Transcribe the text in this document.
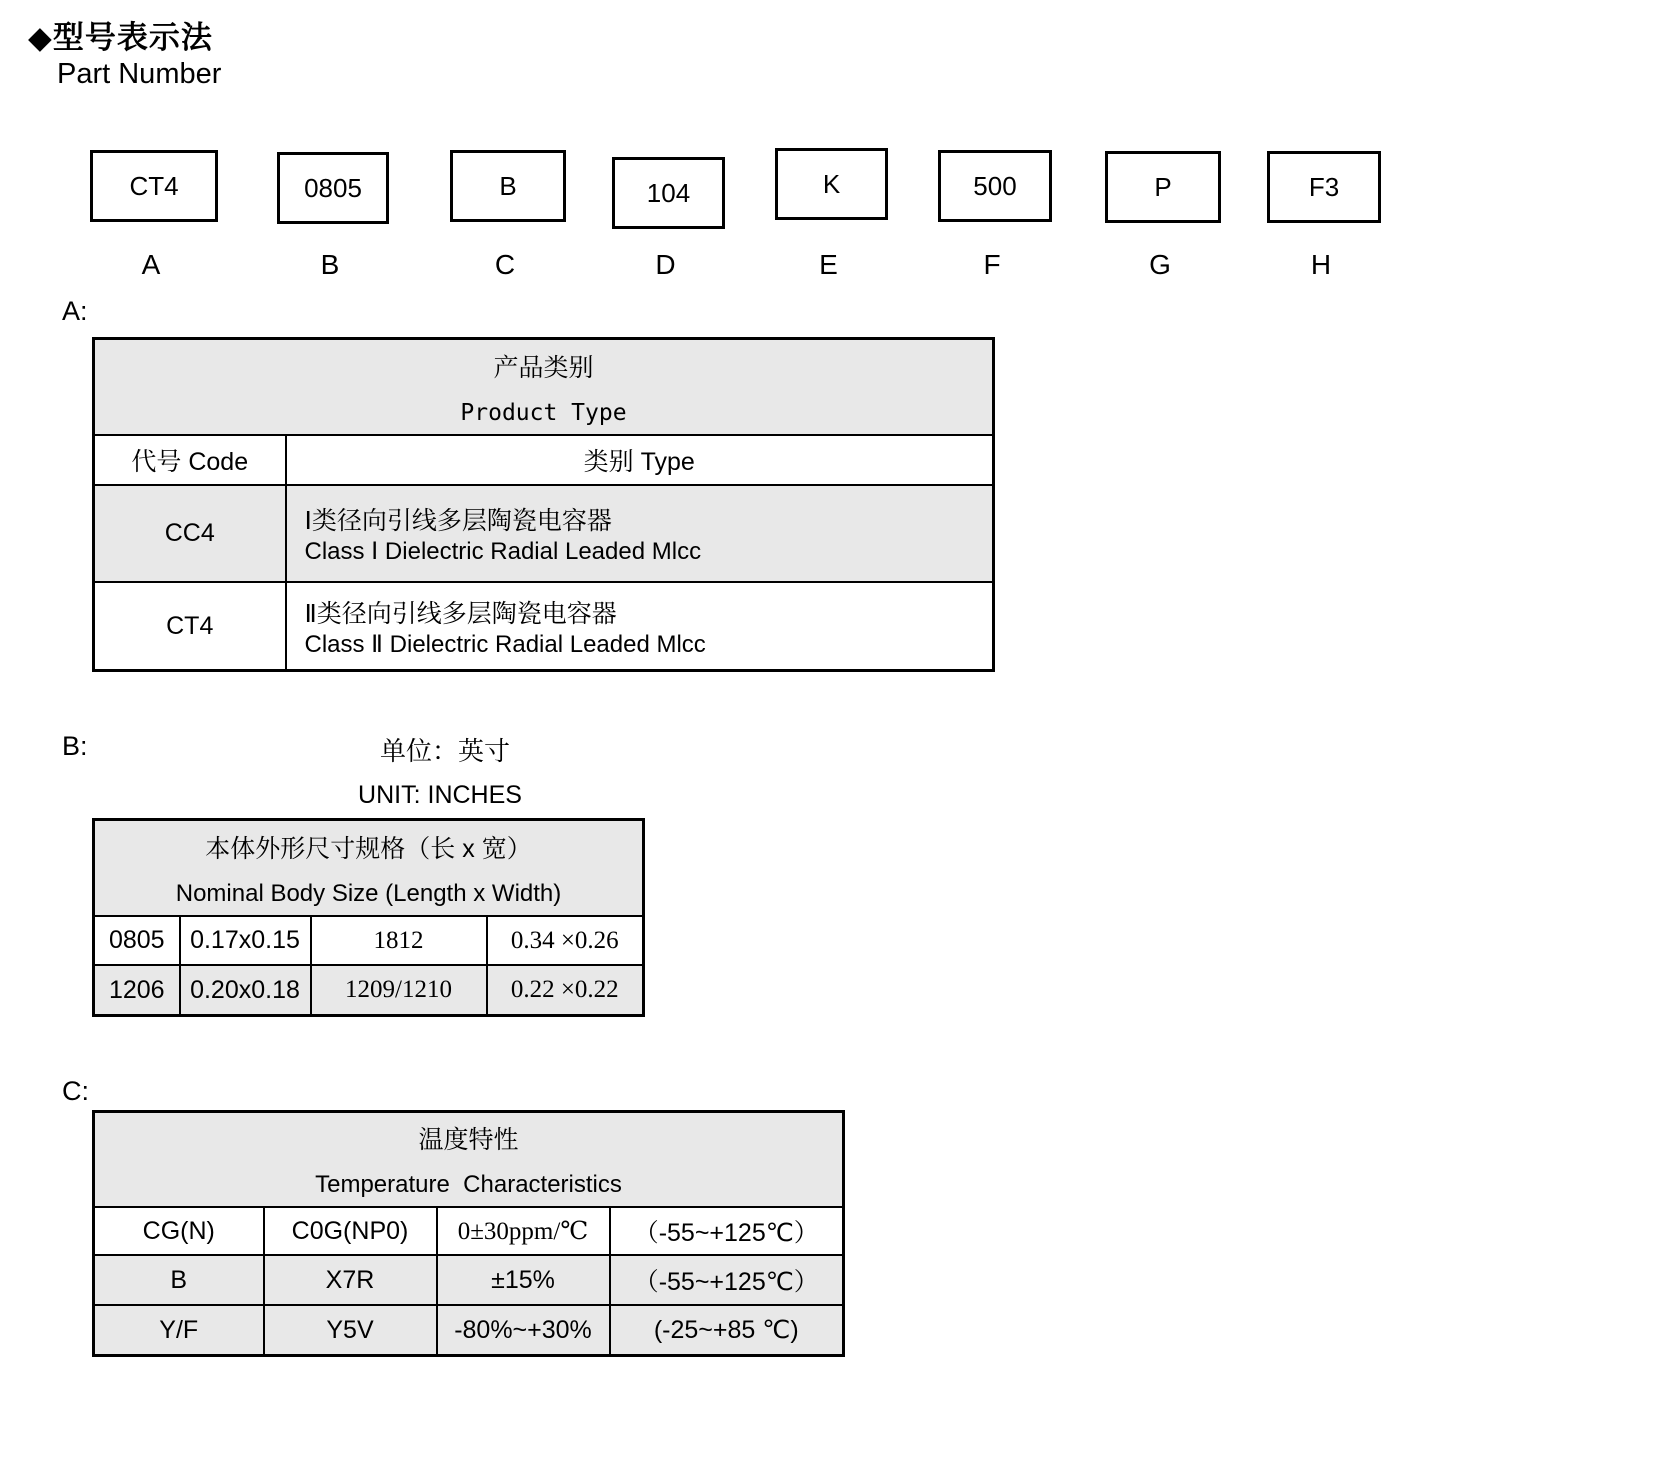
◆型号表示法
Part Number
CT4	0805	B	104	K	500	P	F3
A	B	C	D	E	F	G	H
A:
产品类别
Product Type	

代号 Code	类别 Type
CC4	Ⅰ类径向引线多层陶瓷电容器
Class Ⅰ Dielectric Radial Leaded Mlcc

CT4	Ⅱ类径向引线多层陶瓷电容器
Class Ⅱ Dielectric Radial Leaded Mlcc
B:	单位：英寸
UNIT: INCHES
本体外形尺寸规格（长 x 宽）
Nominal Body Size (Length x Width)			

0805	0.17x0.15	1812	0.34 ×0.26
1206	0.20x0.18	1209/1210	0.22 ×0.22
C:
温度特性
Temperature  Characteristics			

CG(N)	C0G(NP0)	0±30ppm/℃	（-55~+125℃）
B	X7R	±15%	（-55~+125℃）
Y/F	Y5V	-80%~+30%	(-25~+85 ℃)
